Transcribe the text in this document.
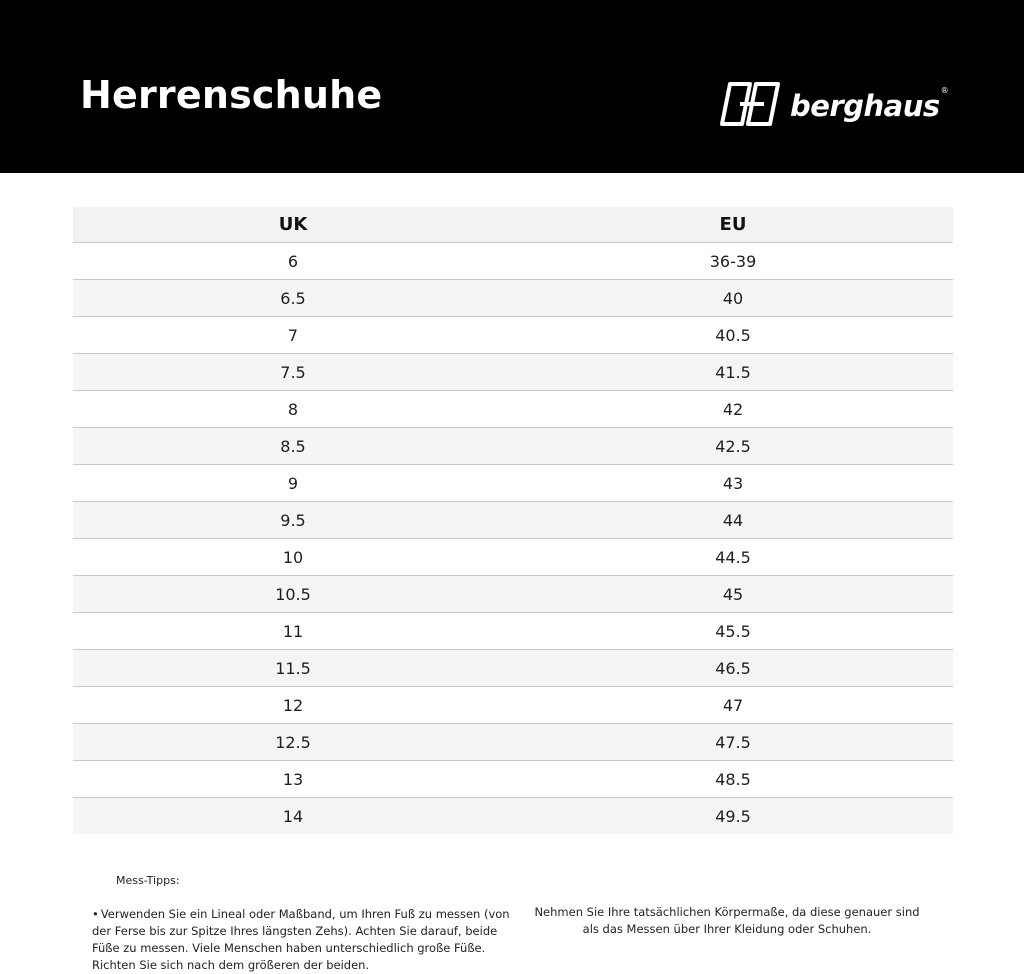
Herrenschuhe	berghaus ®
UK	EU
6	36-39
6.5	40
7	40.5
7.5	41.5
8	42
8.5	42.5
9	43
9.5	44
10	44.5
10.5	45
11	45.5
11.5	46.5
12	47
12.5	47.5
13	48.5
14	49.5
Mess-Tipps:
• Verwenden Sie ein Lineal oder Maßband, um Ihren Fuß zu messen (von der Ferse bis zur Spitze Ihres längsten Zehs). Achten Sie darauf, beide Füße zu messen. Viele Menschen haben unterschiedlich große Füße. Richten Sie sich nach dem größeren der beiden.
Nehmen Sie Ihre tatsächlichen Körpermaße, da diese genauer sind als das Messen über Ihrer Kleidung oder Schuhen.
